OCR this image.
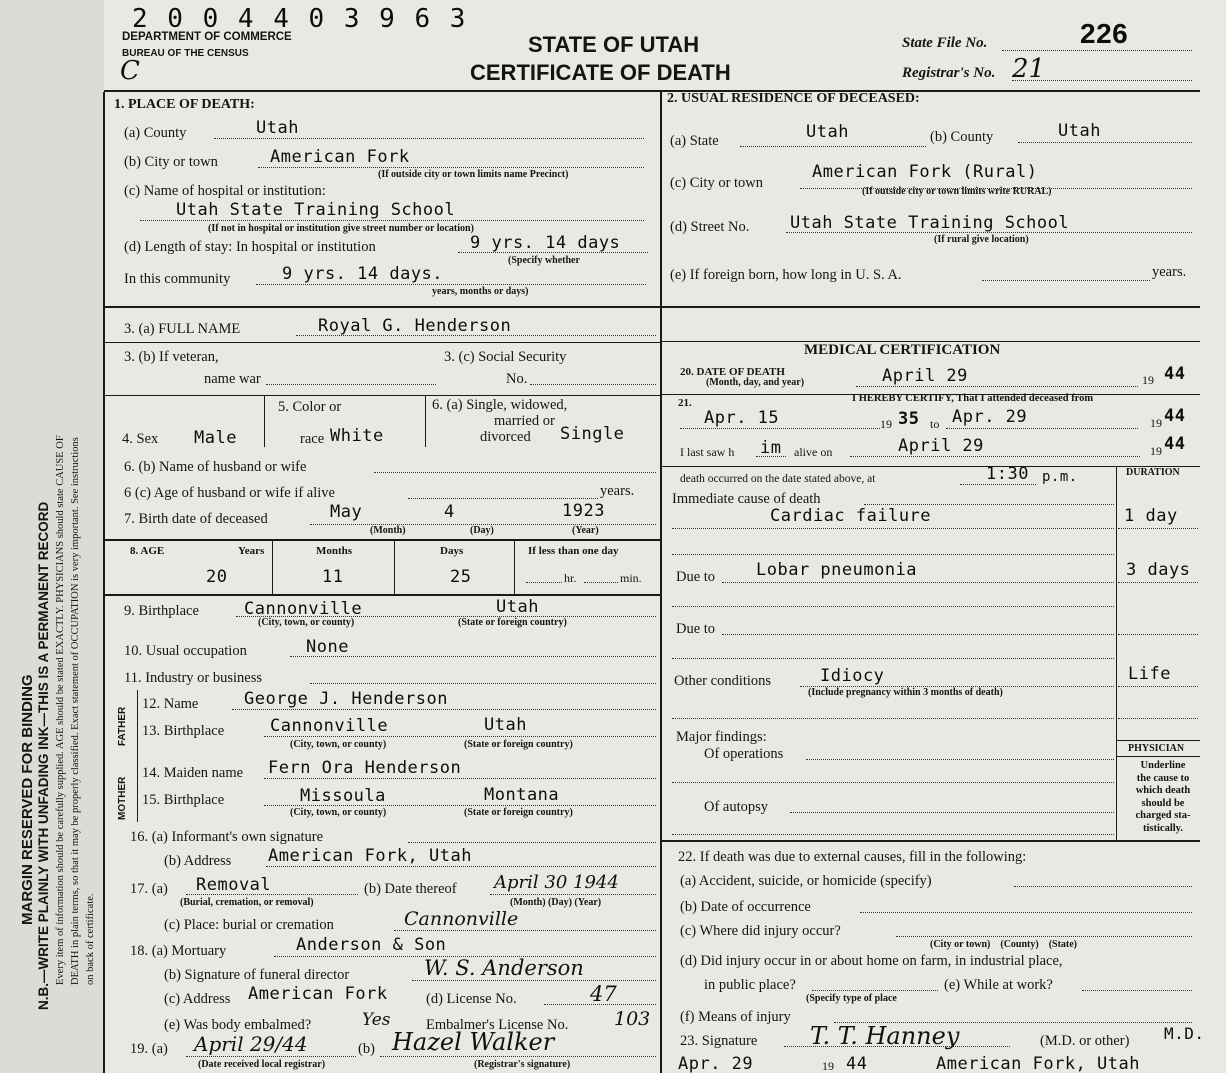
MARGIN RESERVED FOR BINDING N.B.—WRITE PLAINLY WITH UNFADING INK—THIS IS A PERMANENT RECORD Every item of information should be carefully supplied. AGE should be stated EXACTLY. PHYSICIANS should state CAUSE OF DEATH in plain terms, so that it may be properly classified. Exact statement of OCCUPATION is very important. See instructions on back of certificate.
2 0 0 4 4 0 3 9 6 3
DEPARTMENT OF COMMERCE
BUREAU OF THE CENSUS
C
STATE OF UTAH
CERTIFICATE OF DEATH
State File No.	226
Registrar's No. 21
1. PLACE OF DEATH:
(a) County	Utah
(b) City or town	American Fork
(If outside city or town limits name Precinct)
(c) Name of hospital or institution:
Utah State Training School
(If not in hospital or institution give street number or location)
(d) Length of stay: In hospital or institution	9 yrs. 14 days
(Specify whether
In this community	9 yrs. 14 days.
years, months or days)
2. USUAL RESIDENCE OF DECEASED:
(a) State	Utah	(b) County	Utah
(c) City or town
American Fork (Rural)
(If outside city or town limits write RURAL)
(d) Street No. Utah State Training School
(If rural give location)
(e) If foreign born, how long in U. S. A.	years.
3. (a) FULL NAME	Royal G. Henderson
3. (b) If veteran,
name war
3. (c) Social Security
No.
4. Sex Male
5. Color or
race White
6. (a) Single, widowed,
married or
divorced Single
6. (b) Name of husband or wife
6 (c) Age of husband or wife if alive	years.
7. Birth date of deceased	May	4	1923
(Month)	(Day)	(Year)
8. AGE	Years	Months	Days	If less than one day
20	11	25	hr.	min.
9. Birthplace	Cannonville	Utah
(City, town, or county)	(State or foreign country)
10. Usual occupation	None
11. Industry or business
FATHER
MOTHER
12. Name	George J. Henderson
13. Birthplace	Cannonville	Utah
(City, town, or county)	(State or foreign country)
14. Maiden name Fern Ora Henderson
15. Birthplace	Missoula	Montana
(City, town, or county)	(State or foreign country)
16. (a) Informant's own signature
(b) Address American Fork, Utah
17. (a) Removal
(Burial, cremation, or removal)
(b) Date thereof April 30 1944
(Month) (Day) (Year)
(c) Place: burial or cremation	Cannonville
18. (a) Mortuary	Anderson & Son
(b) Signature of funeral director	W. S. Anderson
(c) Address American Fork	(d) License No.	47
(e) Was body embalmed?	Yes Embalmer's License No. 103
19. (a) April 29/44
(Date received local registrar)
(b) Hazel Walker
(Registrar's signature)
MEDICAL CERTIFICATION
20. DATE OF DEATH
(Month, day, and year)	April 29	19 44
21.	I HEREBY CERTIFY, That I attended deceased from
Apr. 15	19 35 to Apr. 29	19 44
I last saw h im alive on	April 29	19 44
death occurred on the date stated above, at	1:30 p.m.	DURATION
Immediate cause of death
Cardiac failure	1 day
Due to Lobar pneumonia	3 days
Due to
Other conditions	Idiocy	Life
(Include pregnancy within 3 months of death)
Major findings:
Of operations
Of autopsy
PHYSICIAN
Underline
the cause to
which death
should be
charged sta-
tistically.
22. If death was due to external causes, fill in the following:
(a) Accident, suicide, or homicide (specify)
(b) Date of occurrence
(c) Where did injury occur?
(City or town)    (County)    (State)
(d) Did injury occur in or about home on farm, in industrial place,
in public place?	(e) While at work?
(Specify type of place
(f) Means of injury
23. Signature T. T. Hanney	(M.D. or other) M.D.
Apr. 29	19 44	American Fork, Utah
